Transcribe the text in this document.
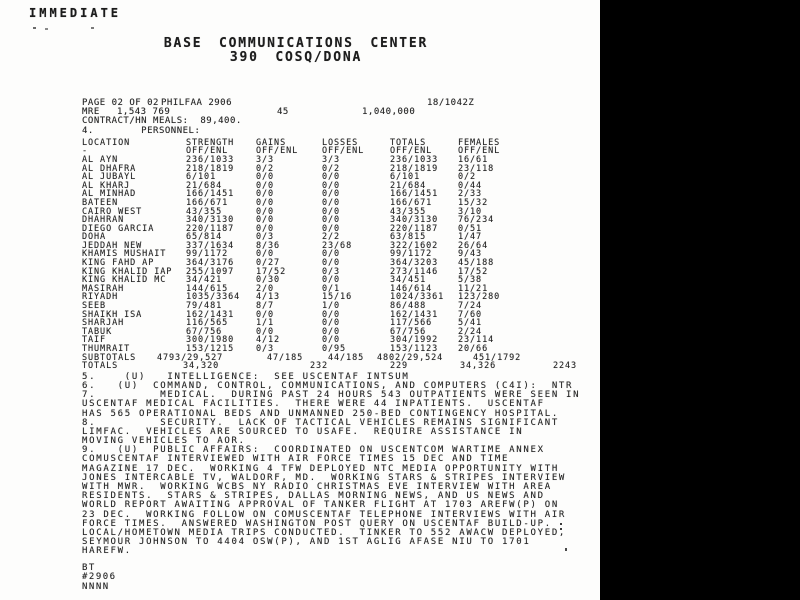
IMMEDIATE
BASE COMMUNICATIONS CENTER
390 COSQ/DONA

PAGE 02 OF 02

PHILFAA 2906

	18/1042Z

MRE

1,543 769

	45

	1,040,000

CONTRACT/HN MEALS:  89,400.
4.        PERSONNEL:
LOCATION	STRENGTH	GAINS	LOSSES	TOTALS	FEMALES
-	OFF/ENL	OFF/ENL	OFF/ENL	OFF/ENL	OFF/ENL
AL AYN	236/1033	3/3	3/3	236/1033	16/61
AL DHAFRA	218/1819	0/2	0/2	218/1819	23/118
AL JUBAYL	6/101	0/0	0/0	6/101	0/2
AL KHARJ	21/684	0/0	0/0	21/684	0/44
AL MINHAD	166/1451	0/0	0/0	166/1451	2/33
BATEEN	166/671	0/0	0/0	166/671	15/32
CAIRO WEST	43/355	0/0	0/0	43/355	3/10
DHAHRAN	340/3130	0/0	0/0	340/3130	76/234
DIEGO GARCIA	220/1187	0/0	0/0	220/1187	0/51
DOHA	65/814	0/3	2/2	63/815	1/47
JEDDAH NEW	337/1634	8/36	23/68	322/1602	26/64
KHAMIS MUSHAIT	99/1172	0/0	0/0	99/1172	9/43
KING FAHD AP	364/3176	0/27	0/0	364/3203	45/188
KING KHALID IAP	255/1097	17/52	0/3	273/1146	17/52
KING KHALID MC	34/421	0/30	0/0	34/451	5/38
MASIRAH	144/615	2/0	0/1	146/614	11/21
RIYADH	1035/3364	4/13	15/16	1024/3361	123/280
SEEB	79/481	8/7	1/0	86/488	7/24
SHAIKH ISA	162/1431	0/0	0/0	162/1431	7/60
SHARJAH	116/565	1/1	0/0	117/566	5/41
TABUK	67/756	0/0	0/0	67/756	2/24
TAIF	300/1980	4/12	0/0	304/1992	23/114
THUMRAIT	153/1215	0/3	0/95	153/1123	20/66
SUBTOTALS	4793/29,527	47/185	44/185	4802/29,524	451/1792
TOTALS	34,320	232	229	34,326	2243
5.    (U)   INTELLIGENCE:  SEE USCENTAF INTSUM
6.   (U)  COMMAND, CONTROL, COMMUNICATIONS, AND COMPUTERS (C4I):  NTR
7.         MEDICAL.  DURING PAST 24 HOURS 543 OUTPATIENTS WERE SEEN IN
USCENTAF MEDICAL FACILITIES.  THERE WERE 44 INPATIENTS.  USCENTAF
HAS 565 OPERATIONAL BEDS AND UNMANNED 250-BED CONTINGENCY HOSPITAL.
8.         SECURITY.  LACK OF TACTICAL VEHICLES REMAINS SIGNIFICANT
LIMFAC.  VEHICLES ARE SOURCED TO USAFE.  REQUIRE ASSISTANCE IN
MOVING VEHICLES TO AOR.
9.   (U)  PUBLIC AFFAIRS:  COORDINATED ON USCENTCOM WARTIME ANNEX
COMUSCENTAF INTERVIEWED WITH AIR FORCE TIMES 15 DEC AND TIME
MAGAZINE 17 DEC.  WORKING 4 TFW DEPLOYED NTC MEDIA OPPORTUNITY WITH
JONES INTERCABLE TV, WALDORF, MD.  WORKING STARS & STRIPES INTERVIEW
WITH MWR.  WORKING WCBS NY RADIO CHRISTMAS EVE INTERVIEW WITH AREA
RESIDENTS.  STARS & STRIPES, DALLAS MORNING NEWS, AND US NEWS AND
WORLD REPORT AWAITING APPROVAL OF TANKER FLIGHT AT 1703 AREFW(P) ON
23 DEC.  WORKING FOLLOW ON COMUSCENTAF TELEPHONE INTERVIEWS WITH AIR
FORCE TIMES.  ANSWERED WASHINGTON POST QUERY ON USCENTAF BUILD-UP.
LOCAL/HOMETOWN MEDIA TRIPS CONDUCTED.  TINKER TO 552 AWACW DEPLOYED,
SEYMOUR JOHNSON TO 4404 OSW(P), AND 1ST AGLIG AFASE NIU TO 1701
HAREFW.
BT
#2906
NNNN
